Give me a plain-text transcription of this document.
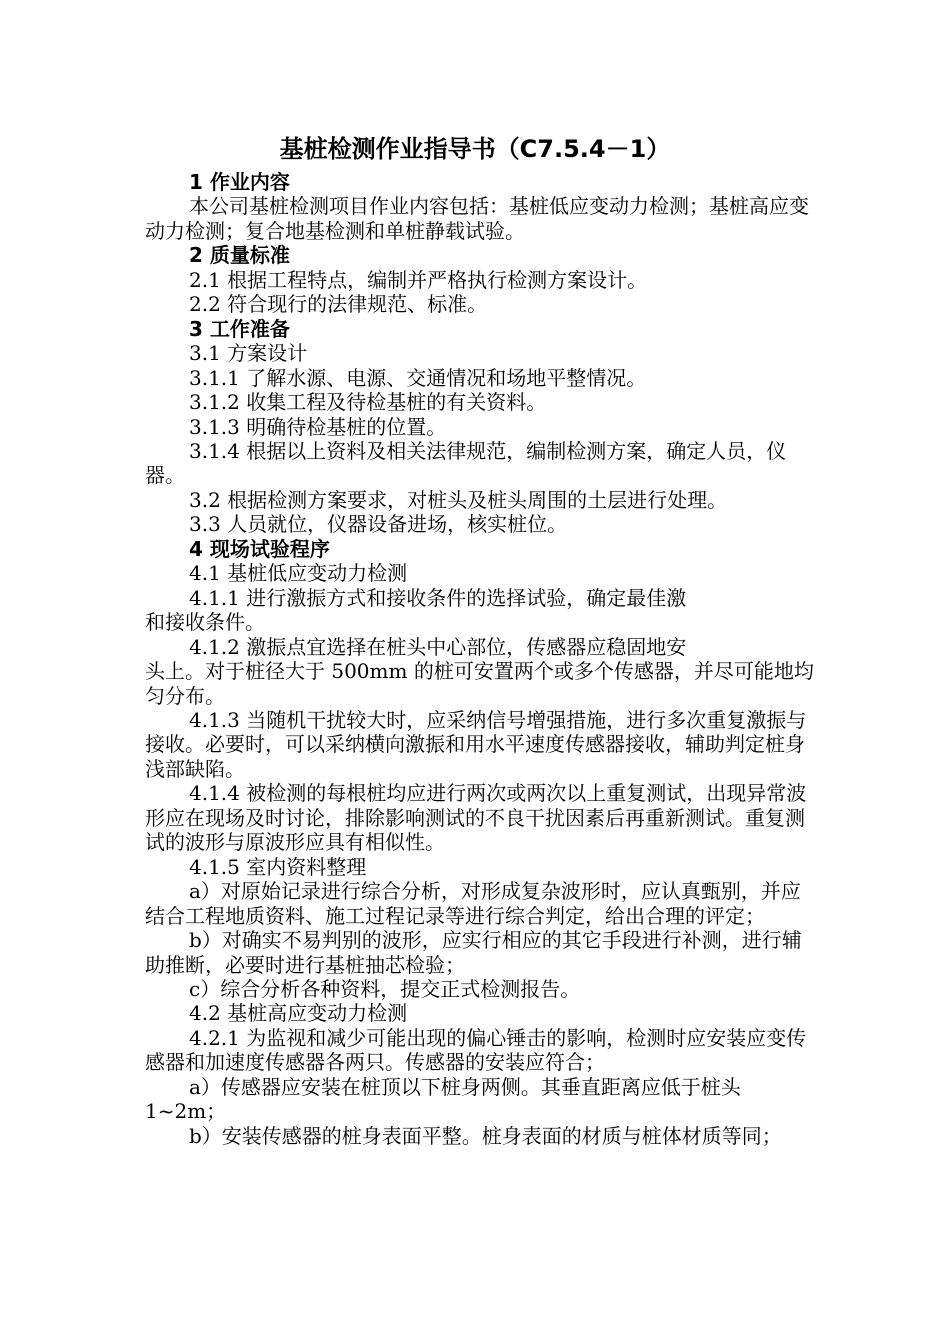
基桩检测作业指导书（C7.5.4－1）

1 作业内容

本公司基桩检测项目作业内容包括：基桩低应变动力检测；基桩高应变动力检测；复合地基检测和单桩静载试验。

2 质量标准

2.1 根据工程特点，编制并严格执行检测方案设计。

2.2 符合现行的法律规范、标准。

3 工作准备

3.1 方案设计

3.1.1 了解水源、电源、交通情况和场地平整情况。

3.1.2 收集工程及待检基桩的有关资料。

3.1.3 明确待检基桩的位置。

3.1.4 根据以上资料及相关法律规范，编制检测方案，确定人员，仪器。

3.2 根据检测方案要求，对桩头及桩头周围的土层进行处理。

3.3 人员就位，仪器设备进场，核实桩位。

4 现场试验程序

4.1 基桩低应变动力检测

4.1.1 进行激振方式和接收条件的选择试验，确定最佳激

和接收条件。

4.1.2 激振点宜选择在桩头中心部位，传感器应稳固地安

头上。对于桩径大于 500mm 的桩可安置两个或多个传感器，并尽可能地均匀分布。

4.1.3 当随机干扰较大时，应采纳信号增强措施，进行多次重复激振与接收。必要时，可以采纳横向激振和用水平速度传感器接收，辅助判定桩身浅部缺陷。

4.1.4 被检测的每根桩均应进行两次或两次以上重复测试，出现异常波形应在现场及时讨论，排除影响测试的不良干扰因素后再重新测试。重复测试的波形与原波形应具有相似性。

4.1.5 室内资料整理

a）对原始记录进行综合分析，对形成复杂波形时，应认真甄别，并应结合工程地质资料、施工过程记录等进行综合判定，给出合理的评定；

b）对确实不易判别的波形，应实行相应的其它手段进行补测，进行辅助推断，必要时进行基桩抽芯检验；

c）综合分析各种资料，提交正式检测报告。

4.2 基桩高应变动力检测

4.2.1 为监视和减少可能出现的偏心锤击的影响，检测时应安装应变传感器和加速度传感器各两只。传感器的安装应符合；

a）传感器应安装在桩顶以下桩身两侧。其垂直距离应低于桩头 1~2m；

b）安装传感器的桩身表面平整。桩身表面的材质与桩体材质等同；
